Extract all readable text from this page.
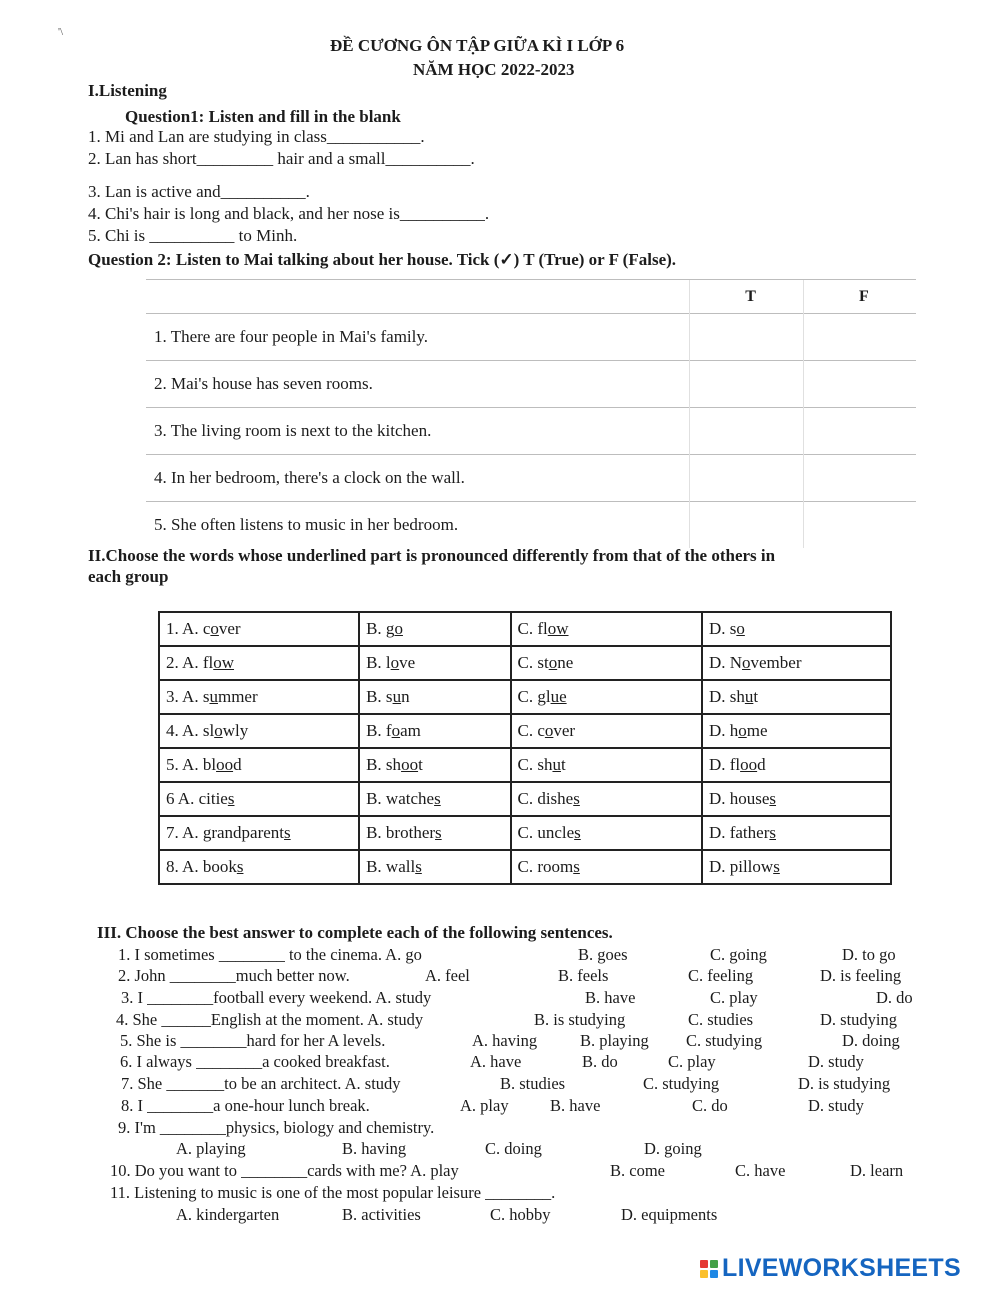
'\
ĐỀ CƯƠNG ÔN TẬP GIỮA KÌ I LỚP 6
NĂM HỌC 2022-2023
I.Listening
Question1: Listen and fill in the blank
1. Mi and Lan are studying in class___________.
2. Lan has short_________ hair and a small__________.
3. Lan is active and__________.
4. Chi's hair is long and black, and her nose is__________.
5. Chi is __________ to Minh.
Question 2: Listen to Mai talking about her house. Tick (✓) T (True) or F (False).
	T	F
1. There are four people in Mai's family.		
2. Mai's house has seven rooms.		
3. The living room is next to the kitchen.		
4. In her bedroom, there's a clock on the wall.		
5. She often listens to music in her bedroom.		
II.Choose the words whose underlined part is pronounced differently from that of the others in
each group
1. A. cover	B. go	C. flow	D. so
2. A. flow	B. love	C. stone	D. November
3. A. summer	B. sun	C. glue	D. shut
4. A. slowly	B. foam	C. cover	D. home
5. A. blood	B. shoot	C. shut	D. flood
6 A. cities	B. watches	C. dishes	D. houses
7. A. grandparents	B. brothers	C. uncles	D. fathers
8. A. books	B. walls	C. rooms	D. pillows
III. Choose the best answer to complete each of the following sentences.
1. I sometimes ________ to the cinema. A. go	B. goes	C. going	D. to go
2. John ________much better now.	A. feel	B. feels	C. feeling	D. is feeling
3. I ________football every weekend. A. study	B. have	C. play	D. do
4. She ______English at the moment. A. study	B. is studying	C. studies	D. studying
5. She is ________hard for her A levels.	A. having	B. playing C. studying	D. doing
6. I always ________a cooked breakfast.	A. have	B. do	C. play	D. study
7. She _______to be an architect. A. study	B. studies	C. studying	D. is studying
8. I ________a one-hour lunch break.	A. play	B. have	C. do	D. study
9. I'm ________physics, biology and chemistry.
A. playing	B. having	C. doing	D. going
10. Do you want to ________cards with me? A. play	B. come	C. have	D. learn
11. Listening to music is one of the most popular leisure ________.
A. kindergarten	B. activities	C. hobby	D. equipments
LIVEWORKSHEETS
